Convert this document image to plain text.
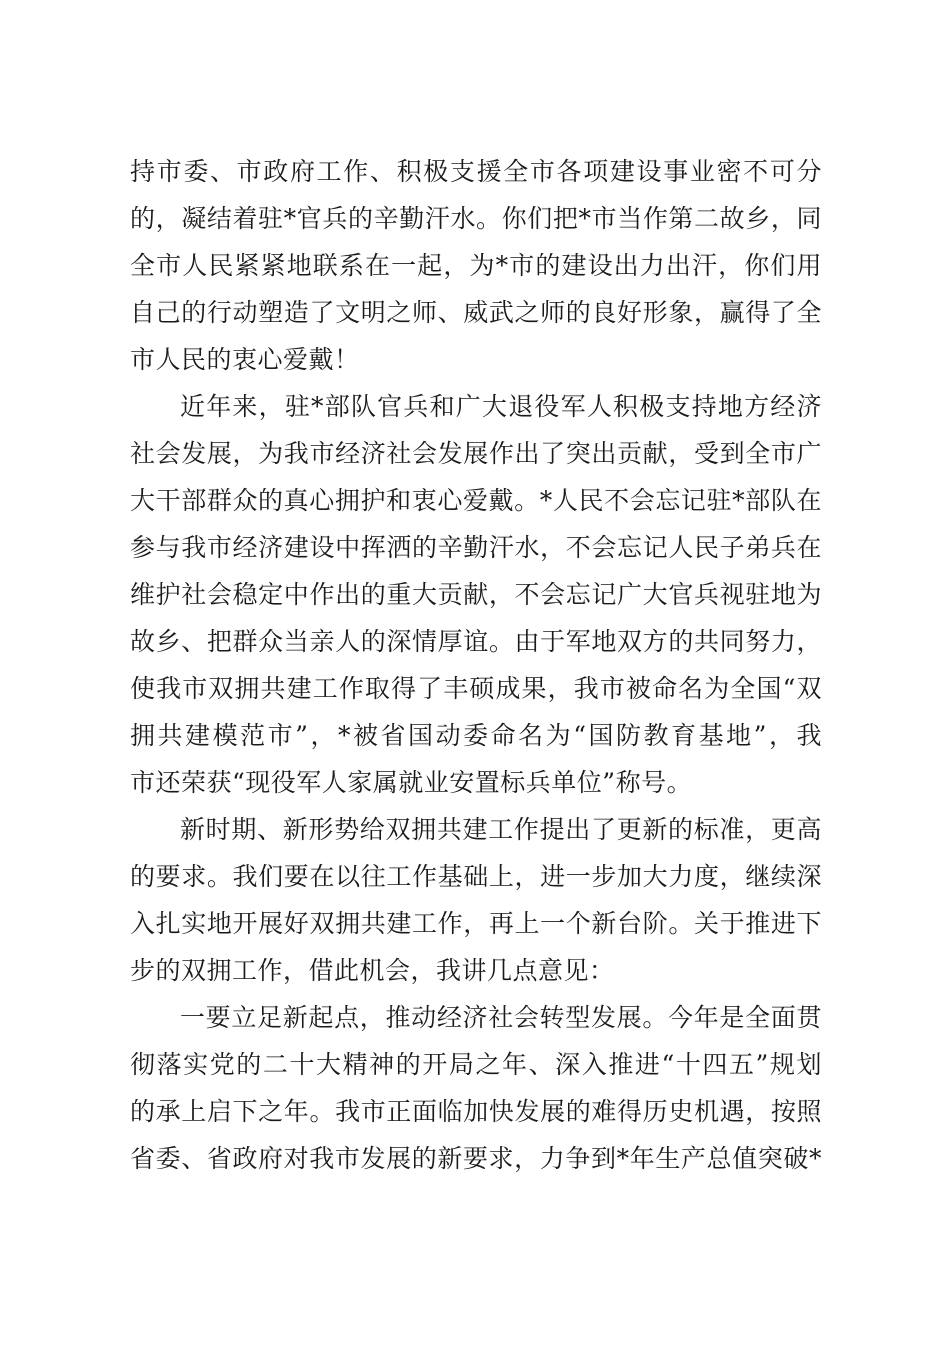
持市委、市政府工作、积极支援全市各项建设事业密不可分
的，凝结着驻*官兵的辛勤汗水。你们把*市当作第二故乡，同
全市人民紧紧地联系在一起，为*市的建设出力出汗，你们用
自己的行动塑造了文明之师、威武之师的良好形象，赢得了全
市人民的衷心爱戴！
近年来，驻*部队官兵和广大退役军人积极支持地方经济
社会发展，为我市经济社会发展作出了突出贡献，受到全市广
大干部群众的真心拥护和衷心爱戴。*人民不会忘记驻*部队在
参与我市经济建设中挥洒的辛勤汗水，不会忘记人民子弟兵在
维护社会稳定中作出的重大贡献，不会忘记广大官兵视驻地为
故乡、把群众当亲人的深情厚谊。由于军地双方的共同努力，
使我市双拥共建工作取得了丰硕成果，我市被命名为全国“双
拥共建模范市”，*被省国动委命名为“国防教育基地”，我
市还荣获“现役军人家属就业安置标兵单位”称号。
新时期、新形势给双拥共建工作提出了更新的标准，更高
的要求。我们要在以往工作基础上，进一步加大力度，继续深
入扎实地开展好双拥共建工作，再上一个新台阶。关于推进下
步的双拥工作，借此机会，我讲几点意见：
一要立足新起点，推动经济社会转型发展。今年是全面贯
彻落实党的二十大精神的开局之年、深入推进“十四五”规划
的承上启下之年。我市正面临加快发展的难得历史机遇，按照
省委、省政府对我市发展的新要求，力争到*年生产总值突破*
